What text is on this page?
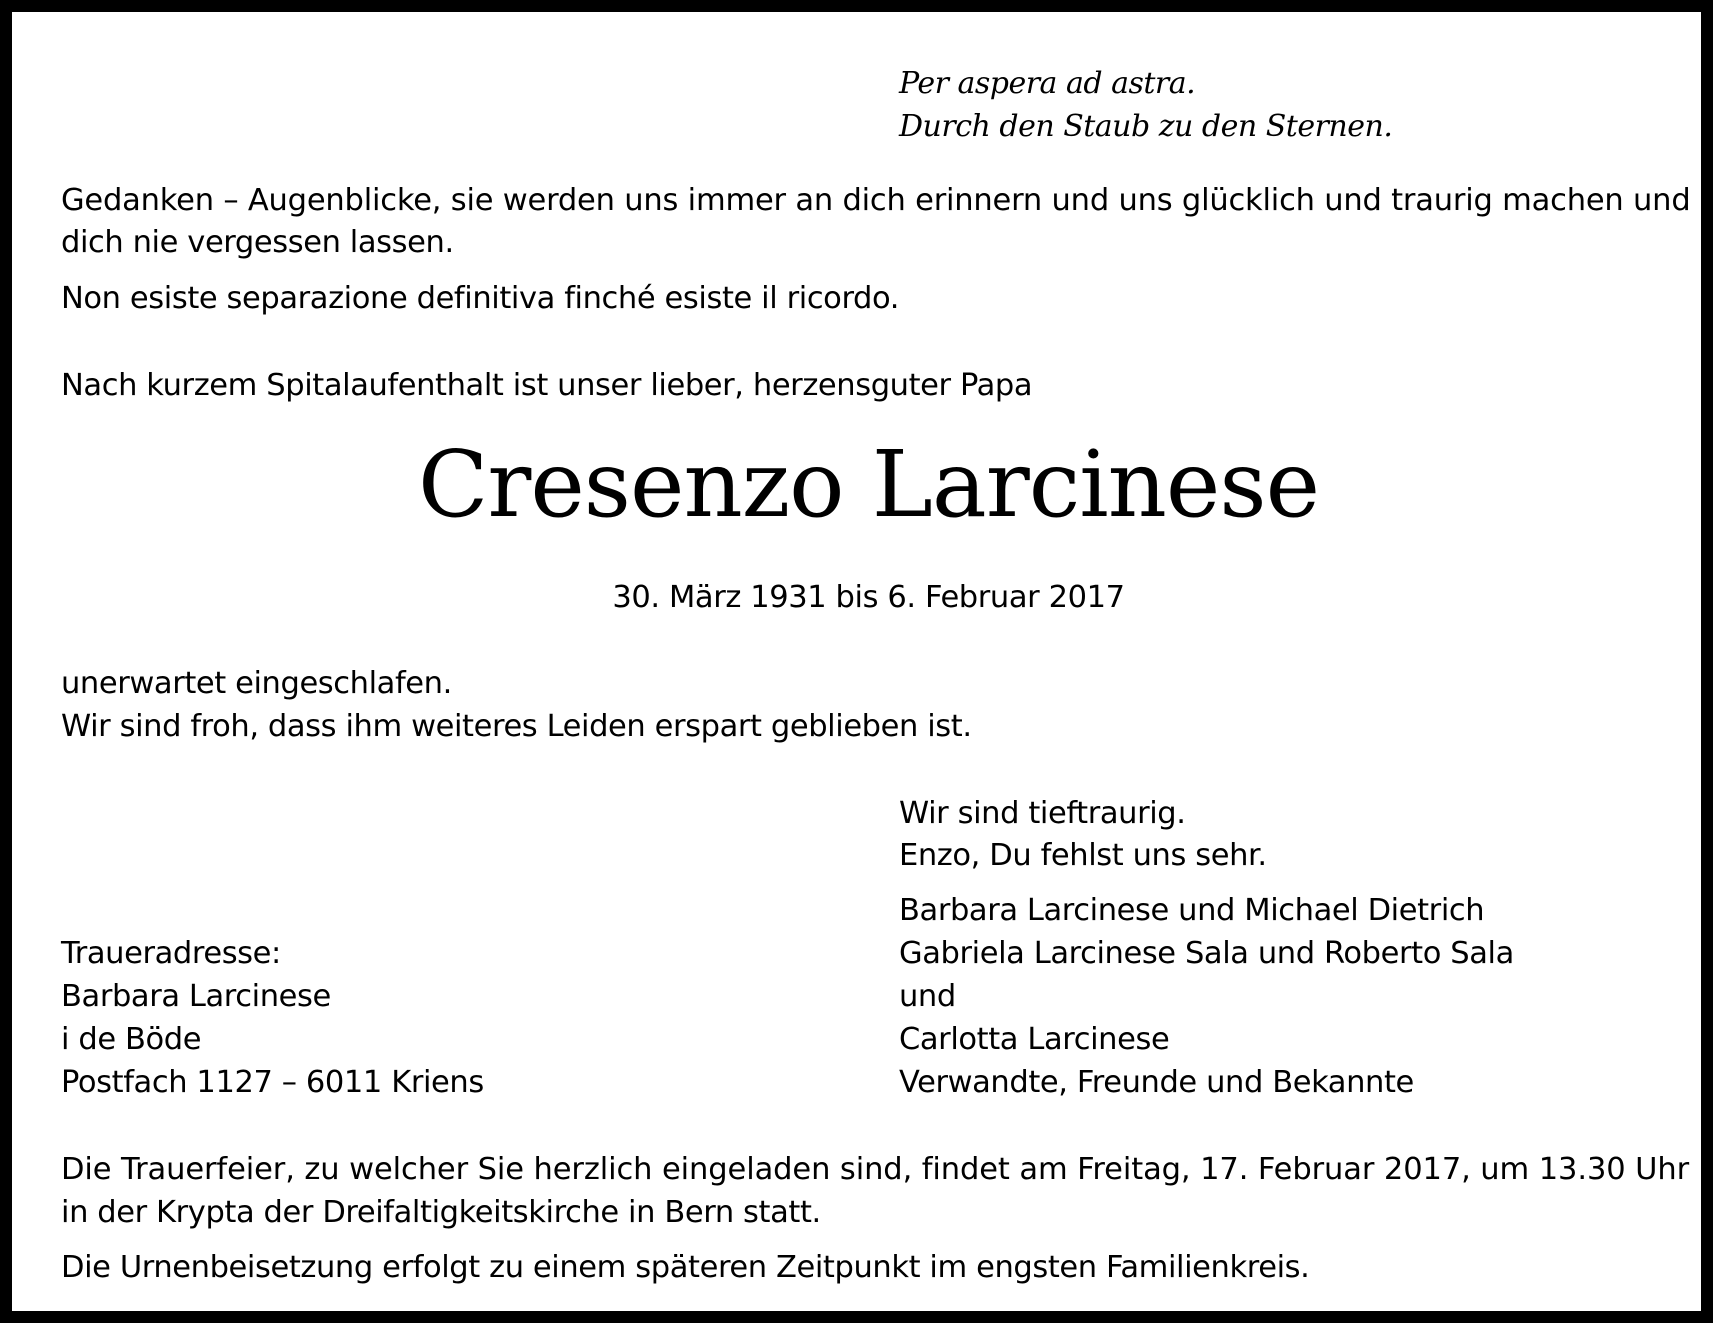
Per aspera ad astra.

Durch den Staub zu den Sternen.

Gedanken – Augenblicke, sie werden uns immer an dich erinnern und uns glücklich und traurig machen und

dich nie vergessen lassen.

Non esiste separazione definitiva finché esiste il ricordo.

Nach kurzem Spitalaufenthalt ist unser lieber, herzensguter Papa

Cresenzo Larcinese

30. März 1931 bis 6. Februar 2017

unerwartet eingeschlafen.

Wir sind froh, dass ihm weiteres Leiden erspart geblieben ist.

Wir sind tieftraurig.

Enzo, Du fehlst uns sehr.

Barbara Larcinese und Michael Dietrich

Gabriela Larcinese Sala und Roberto Sala

und

Carlotta Larcinese

Verwandte, Freunde und Bekannte

Traueradresse:

Barbara Larcinese

i de Böde

Postfach 1127 – 6011 Kriens

Die Trauerfeier, zu welcher Sie herzlich eingeladen sind, findet am Freitag, 17. Februar 2017, um 13.30 Uhr

in der Krypta der Dreifaltigkeitskirche in Bern statt.

Die Urnenbeisetzung erfolgt zu einem späteren Zeitpunkt im engsten Familienkreis.
